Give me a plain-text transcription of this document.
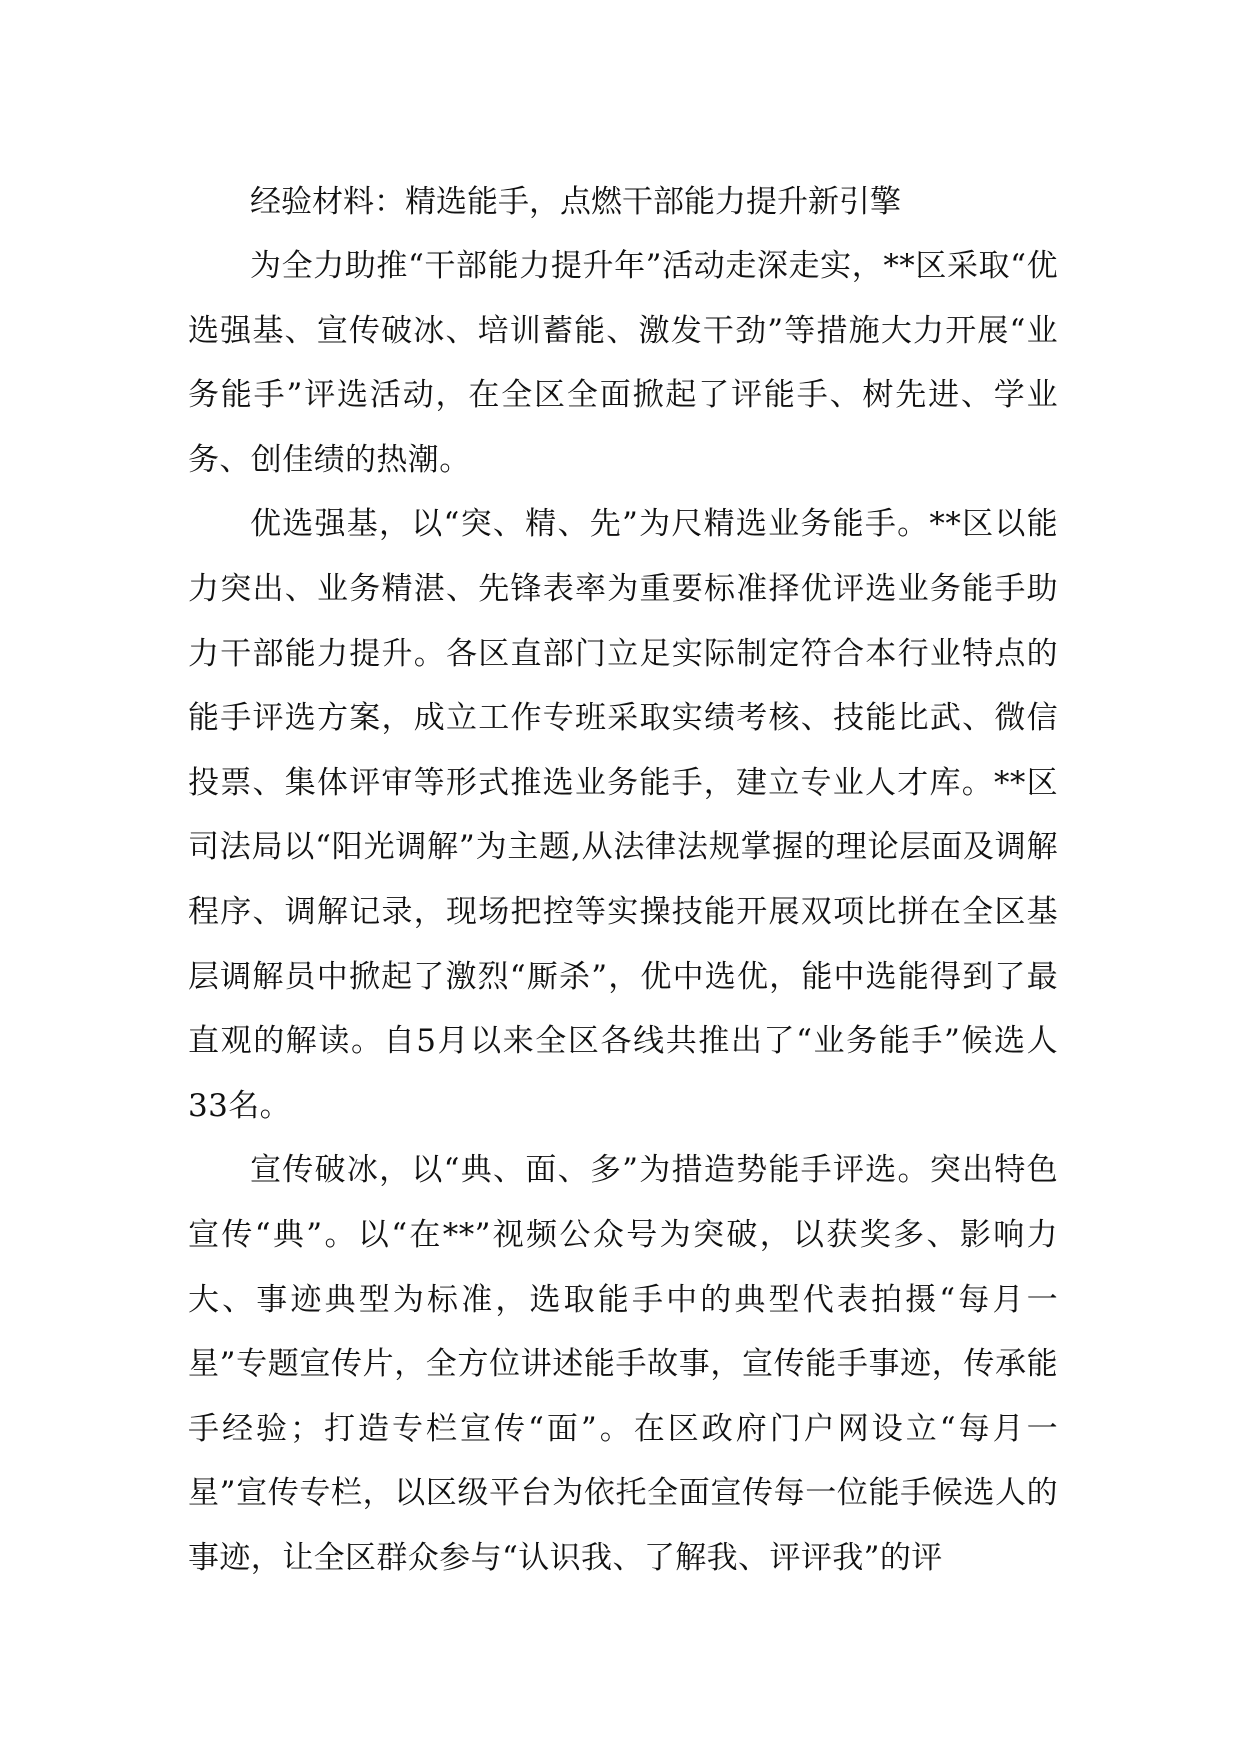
经验材料：精选能手，点燃干部能力提升新引擎

为全力助推“干部能力提升年”活动走深走实，**区采取“优选强基、宣传破冰、培训蓄能、激发干劲”等措施大力开展“业务能手”评选活动，在全区全面掀起了评能手、树先进、学业务、创佳绩的热潮。

优选强基，以“突、精、先”为尺精选业务能手。**区以能力突出、业务精湛、先锋表率为重要标准择优评选业务能手助力干部能力提升。各区直部门立足实际制定符合本行业特点的能手评选方案，成立工作专班采取实绩考核、技能比武、微信投票、集体评审等形式推选业务能手，建立专业人才库。**区司法局以“阳光调解”为主题,从法律法规掌握的理论层面及调解程序、调解记录，现场把控等实操技能开展双项比拼在全区基层调解员中掀起了激烈“厮杀”，优中选优，能中选能得到了最直观的解读。自5月以来全区各线共推出了“业务能手”候选人33名。

宣传破冰，以“典、面、多”为措造势能手评选。突出特色宣传“典”。以“在**”视频公众号为突破，以获奖多、影响力大、事迹典型为标准，选取能手中的典型代表拍摄“每月一星”专题宣传片，全方位讲述能手故事，宣传能手事迹，传承能手经验；打造专栏宣传“面”。在区政府门户网设立“每月一星”宣传专栏，以区级平台为依托全面宣传每一位能手候选人的事迹，让全区群众参与“认识我、了解我、评评我”的评
